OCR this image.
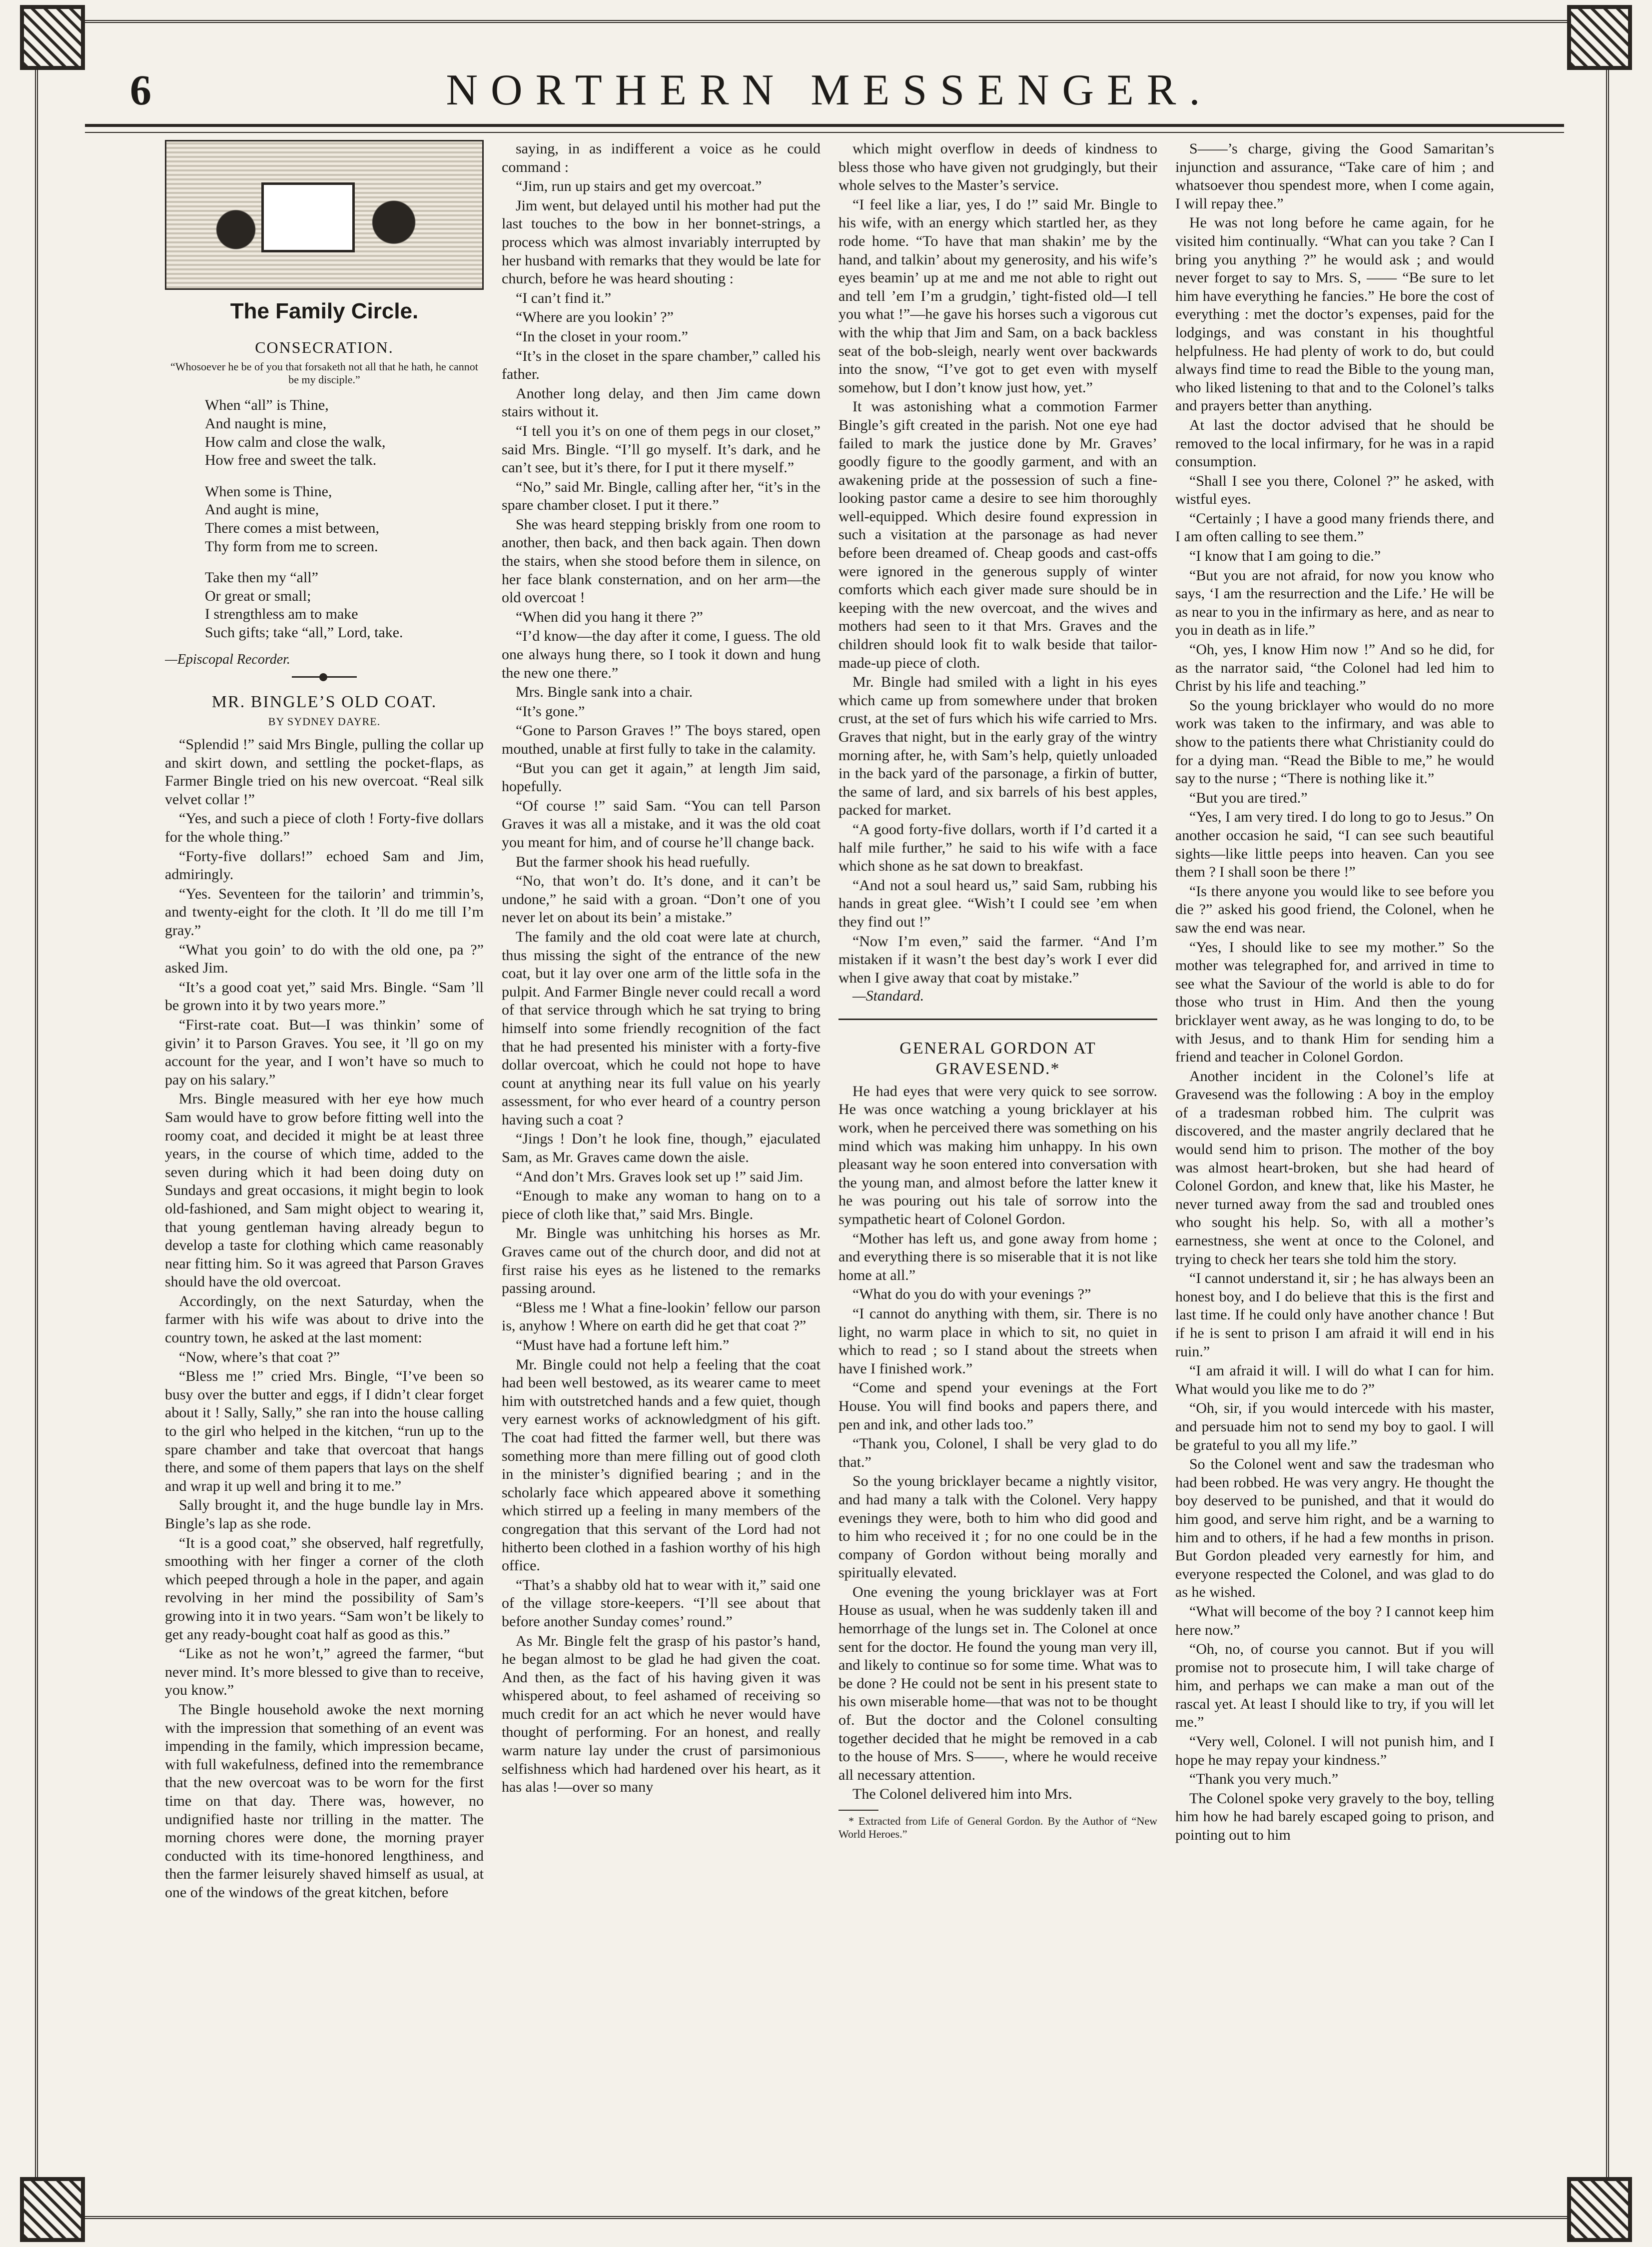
6	NORTHERN MESSENGER.
The Family Circle.
CONSECRATION.
“Whosoever he be of you that forsaketh not all that he hath, he cannot be my disciple.”
When “all” is Thine,
And naught is mine,
How calm and close the walk,
How free and sweet the talk.
When some is Thine,
And aught is mine,
There comes a mist between,
Thy form from me to screen.
Take then my “all”
Or great or small;
I strengthless am to make
Such gifts; take “all,” Lord, take.
—Episcopal Recorder.
MR. BINGLE’S OLD COAT.
BY SYDNEY DAYRE.

“Splendid !” said Mrs Bingle, pulling the collar up and skirt down, and settling the pocket-flaps, as Farmer Bingle tried on his new overcoat. “Real silk velvet collar !”

“Yes, and such a piece of cloth ! Forty-five dollars for the whole thing.”

“Forty-five dollars!” echoed Sam and Jim, admiringly.

“Yes. Seventeen for the tailorin’ and trimmin’s, and twenty-eight for the cloth. It ’ll do me till I’m gray.”

“What you goin’ to do with the old one, pa ?” asked Jim.

“It’s a good coat yet,” said Mrs. Bingle. “Sam ’ll be grown into it by two years more.”

“First-rate coat. But—I was thinkin’ some of givin’ it to Parson Graves. You see, it ’ll go on my account for the year, and I won’t have so much to pay on his salary.”

Mrs. Bingle measured with her eye how much Sam would have to grow before fitting well into the roomy coat, and decided it might be at least three years, in the course of which time, added to the seven during which it had been doing duty on Sundays and great occasions, it might begin to look old-fashioned, and Sam might object to wearing it, that young gentleman having already begun to develop a taste for clothing which came reasonably near fitting him. So it was agreed that Parson Graves should have the old overcoat.

Accordingly, on the next Saturday, when the farmer with his wife was about to drive into the country town, he asked at the last moment:

“Now, where’s that coat ?”

“Bless me !” cried Mrs. Bingle, “I’ve been so busy over the butter and eggs, if I didn’t clear forget about it ! Sally, Sally,” she ran into the house calling to the girl who helped in the kitchen, “run up to the spare chamber and take that overcoat that hangs there, and some of them papers that lays on the shelf and wrap it up well and bring it to me.”

Sally brought it, and the huge bundle lay in Mrs. Bingle’s lap as she rode.

“It is a good coat,” she observed, half regretfully, smoothing with her finger a corner of the cloth which peeped through a hole in the paper, and again revolving in her mind the possibility of Sam’s growing into it in two years. “Sam won’t be likely to get any ready-bought coat half as good as this.”

“Like as not he won’t,” agreed the farmer, “but never mind. It’s more blessed to give than to receive, you know.”

The Bingle household awoke the next morning with the impression that something of an event was impending in the family, which impression became, with full wakefulness, defined into the remembrance that the new overcoat was to be worn for the first time on that day. There was, however, no undignified haste nor trilling in the matter. The morning chores were done, the morning prayer conducted with its time-honored lengthiness, and then the farmer leisurely shaved himself as usual, at one of the windows of the great kitchen, before

saying, in as indifferent a voice as he could command :

“Jim, run up stairs and get my overcoat.”

Jim went, but delayed until his mother had put the last touches to the bow in her bonnet-strings, a process which was almost invariably interrupted by her husband with remarks that they would be late for church, before he was heard shouting :

“I can’t find it.”

“Where are you lookin’ ?”

“In the closet in your room.”

“It’s in the closet in the spare chamber,” called his father.

Another long delay, and then Jim came down stairs without it.

“I tell you it’s on one of them pegs in our closet,” said Mrs. Bingle. “I’ll go myself. It’s dark, and he can’t see, but it’s there, for I put it there myself.”

“No,” said Mr. Bingle, calling after her, “it’s in the spare chamber closet. I put it there.”

She was heard stepping briskly from one room to another, then back, and then back again. Then down the stairs, when she stood before them in silence, on her face blank consternation, and on her arm—the old overcoat !

“When did you hang it there ?”

“I’d know—the day after it come, I guess. The old one always hung there, so I took it down and hung the new one there.”

Mrs. Bingle sank into a chair.

“It’s gone.”

“Gone to Parson Graves !” The boys stared, open mouthed, unable at first fully to take in the calamity.

“But you can get it again,” at length Jim said, hopefully.

“Of course !” said Sam. “You can tell Parson Graves it was all a mistake, and it was the old coat you meant for him, and of course he’ll change back.

But the farmer shook his head ruefully.

“No, that won’t do. It’s done, and it can’t be undone,” he said with a groan. “Don’t one of you never let on about its bein’ a mistake.”

The family and the old coat were late at church, thus missing the sight of the entrance of the new coat, but it lay over one arm of the little sofa in the pulpit. And Farmer Bingle never could recall a word of that service through which he sat trying to bring himself into some friendly recognition of the fact that he had presented his minister with a forty-five dollar overcoat, which he could not hope to have count at anything near its full value on his yearly assessment, for who ever heard of a country person having such a coat ?

“Jings ! Don’t he look fine, though,” ejaculated Sam, as Mr. Graves came down the aisle.

“And don’t Mrs. Graves look set up !” said Jim.

“Enough to make any woman to hang on to a piece of cloth like that,” said Mrs. Bingle.

Mr. Bingle was unhitching his horses as Mr. Graves came out of the church door, and did not at first raise his eyes as he listened to the remarks passing around.

“Bless me ! What a fine-lookin’ fellow our parson is, anyhow ! Where on earth did he get that coat ?”

“Must have had a fortune left him.”

Mr. Bingle could not help a feeling that the coat had been well bestowed, as its wearer came to meet him with outstretched hands and a few quiet, though very earnest works of acknowledgment of his gift. The coat had fitted the farmer well, but there was something more than mere filling out of good cloth in the minister’s dignified bearing ; and in the scholarly face which appeared above it something which stirred up a feeling in many members of the congregation that this servant of the Lord had not hitherto been clothed in a fashion worthy of his high office.

“That’s a shabby old hat to wear with it,” said one of the village store-keepers. “I’ll see about that before another Sunday comes’ round.”

As Mr. Bingle felt the grasp of his pastor’s hand, he began almost to be glad he had given the coat. And then, as the fact of his having given it was whispered about, to feel ashamed of receiving so much credit for an act which he never would have thought of performing. For an honest, and really warm nature lay under the crust of parsimonious selfishness which had hardened over his heart, as it has alas !—over so many

which might overflow in deeds of kindness to bless those who have given not grudgingly, but their whole selves to the Master’s service.

“I feel like a liar, yes, I do !” said Mr. Bingle to his wife, with an energy which startled her, as they rode home. “To have that man shakin’ me by the hand, and talkin’ about my generosity, and his wife’s eyes beamin’ up at me and me not able to right out and tell ’em I’m a grudgin,’ tight-fisted old—I tell you what !”—he gave his horses such a vigorous cut with the whip that Jim and Sam, on a back backless seat of the bob-sleigh, nearly went over backwards into the snow, “I’ve got to get even with myself somehow, but I don’t know just how, yet.”

It was astonishing what a commotion Farmer Bingle’s gift created in the parish. Not one eye had failed to mark the justice done by Mr. Graves’ goodly figure to the goodly garment, and with an awakening pride at the possession of such a fine-looking pastor came a desire to see him thoroughly well-equipped. Which desire found expression in such a visitation at the parsonage as had never before been dreamed of. Cheap goods and cast-offs were ignored in the generous supply of winter comforts which each giver made sure should be in keeping with the new overcoat, and the wives and mothers had seen to it that Mrs. Graves and the children should look fit to walk beside that tailor-made-up piece of cloth.

Mr. Bingle had smiled with a light in his eyes which came up from somewhere under that broken crust, at the set of furs which his wife carried to Mrs. Graves that night, but in the early gray of the wintry morning after, he, with Sam’s help, quietly unloaded in the back yard of the parsonage, a firkin of butter, the same of lard, and six barrels of his best apples, packed for market.

“A good forty-five dollars, worth if I’d carted it a half mile further,” he said to his wife with a face which shone as he sat down to breakfast.

“And not a soul heard us,” said Sam, rubbing his hands in great glee. “Wish’t I could see ’em when they find out !”

“Now I’m even,” said the farmer. “And I’m mistaken if it wasn’t the best day’s work I ever did when I give away that coat by mistake.”

—Standard.

GENERAL GORDON AT GRAVESEND.*

He had eyes that were very quick to see sorrow. He was once watching a young bricklayer at his work, when he perceived there was something on his mind which was making him unhappy. In his own pleasant way he soon entered into conversation with the young man, and almost before the latter knew it he was pouring out his tale of sorrow into the sympathetic heart of Colonel Gordon.

“Mother has left us, and gone away from home ; and everything there is so miserable that it is not like home at all.”

“What do you do with your evenings ?”

“I cannot do anything with them, sir. There is no light, no warm place in which to sit, no quiet in which to read ; so I stand about the streets when have I finished work.”

“Come and spend your evenings at the Fort House. You will find books and papers there, and pen and ink, and other lads too.”

“Thank you, Colonel, I shall be very glad to do that.”

So the young bricklayer became a nightly visitor, and had many a talk with the Colonel. Very happy evenings they were, both to him who did good and to him who received it ; for no one could be in the company of Gordon without being morally and spiritually elevated.

One evening the young bricklayer was at Fort House as usual, when he was suddenly taken ill and hemorrhage of the lungs set in. The Colonel at once sent for the doctor. He found the young man very ill, and likely to continue so for some time. What was to be done ? He could not be sent in his present state to his own miserable home—that was not to be thought of. But the doctor and the Colonel consulting together decided that he might be removed in a cab to the house of Mrs. S——, where he would receive all necessary attention.

The Colonel delivered him into Mrs.

* Extracted from Life of General Gordon. By the Author of “New World Heroes.”

S——’s charge, giving the Good Samaritan’s injunction and assurance, “Take care of him ; and whatsoever thou spendest more, when I come again, I will repay thee.”

He was not long before he came again, for he visited him continually. “What can you take ? Can I bring you anything ?” he would ask ; and would never forget to say to Mrs. S, —— “Be sure to let him have everything he fancies.” He bore the cost of everything : met the doctor’s expenses, paid for the lodgings, and was constant in his thoughtful helpfulness. He had plenty of work to do, but could always find time to read the Bible to the young man, who liked listening to that and to the Colonel’s talks and prayers better than anything.

At last the doctor advised that he should be removed to the local infirmary, for he was in a rapid consumption.

“Shall I see you there, Colonel ?” he asked, with wistful eyes.

“Certainly ; I have a good many friends there, and I am often calling to see them.”

“I know that I am going to die.”

“But you are not afraid, for now you know who says, ‘I am the resurrection and the Life.’ He will be as near to you in the infirmary as here, and as near to you in death as in life.”

“Oh, yes, I know Him now !” And so he did, for as the narrator said, “the Colonel had led him to Christ by his life and teaching.”

So the young bricklayer who would do no more work was taken to the infirmary, and was able to show to the patients there what Christianity could do for a dying man. “Read the Bible to me,” he would say to the nurse ; “There is nothing like it.”

“But you are tired.”

“Yes, I am very tired. I do long to go to Jesus.” On another occasion he said, “I can see such beautiful sights—like little peeps into heaven. Can you see them ? I shall soon be there !”

“Is there anyone you would like to see before you die ?” asked his good friend, the Colonel, when he saw the end was near.

“Yes, I should like to see my mother.” So the mother was telegraphed for, and arrived in time to see what the Saviour of the world is able to do for those who trust in Him. And then the young bricklayer went away, as he was longing to do, to be with Jesus, and to thank Him for sending him a friend and teacher in Colonel Gordon.

Another incident in the Colonel’s life at Gravesend was the following : A boy in the employ of a tradesman robbed him. The culprit was discovered, and the master angrily declared that he would send him to prison. The mother of the boy was almost heart-broken, but she had heard of Colonel Gordon, and knew that, like his Master, he never turned away from the sad and troubled ones who sought his help. So, with all a mother’s earnestness, she went at once to the Colonel, and trying to check her tears she told him the story.

“I cannot understand it, sir ; he has always been an honest boy, and I do believe that this is the first and last time. If he could only have another chance ! But if he is sent to prison I am afraid it will end in his ruin.”

“I am afraid it will. I will do what I can for him. What would you like me to do ?”

“Oh, sir, if you would intercede with his master, and persuade him not to send my boy to gaol. I will be grateful to you all my life.”

So the Colonel went and saw the tradesman who had been robbed. He was very angry. He thought the boy deserved to be punished, and that it would do him good, and serve him right, and be a warning to him and to others, if he had a few months in prison. But Gordon pleaded very earnestly for him, and everyone respected the Colonel, and was glad to do as he wished.

“What will become of the boy ? I cannot keep him here now.”

“Oh, no, of course you cannot. But if you will promise not to prosecute him, I will take charge of him, and perhaps we can make a man out of the rascal yet. At least I should like to try, if you will let me.”

“Very well, Colonel. I will not punish him, and I hope he may repay your kindness.”

“Thank you very much.”

The Colonel spoke very gravely to the boy, telling him how he had barely escaped going to prison, and pointing out to him
